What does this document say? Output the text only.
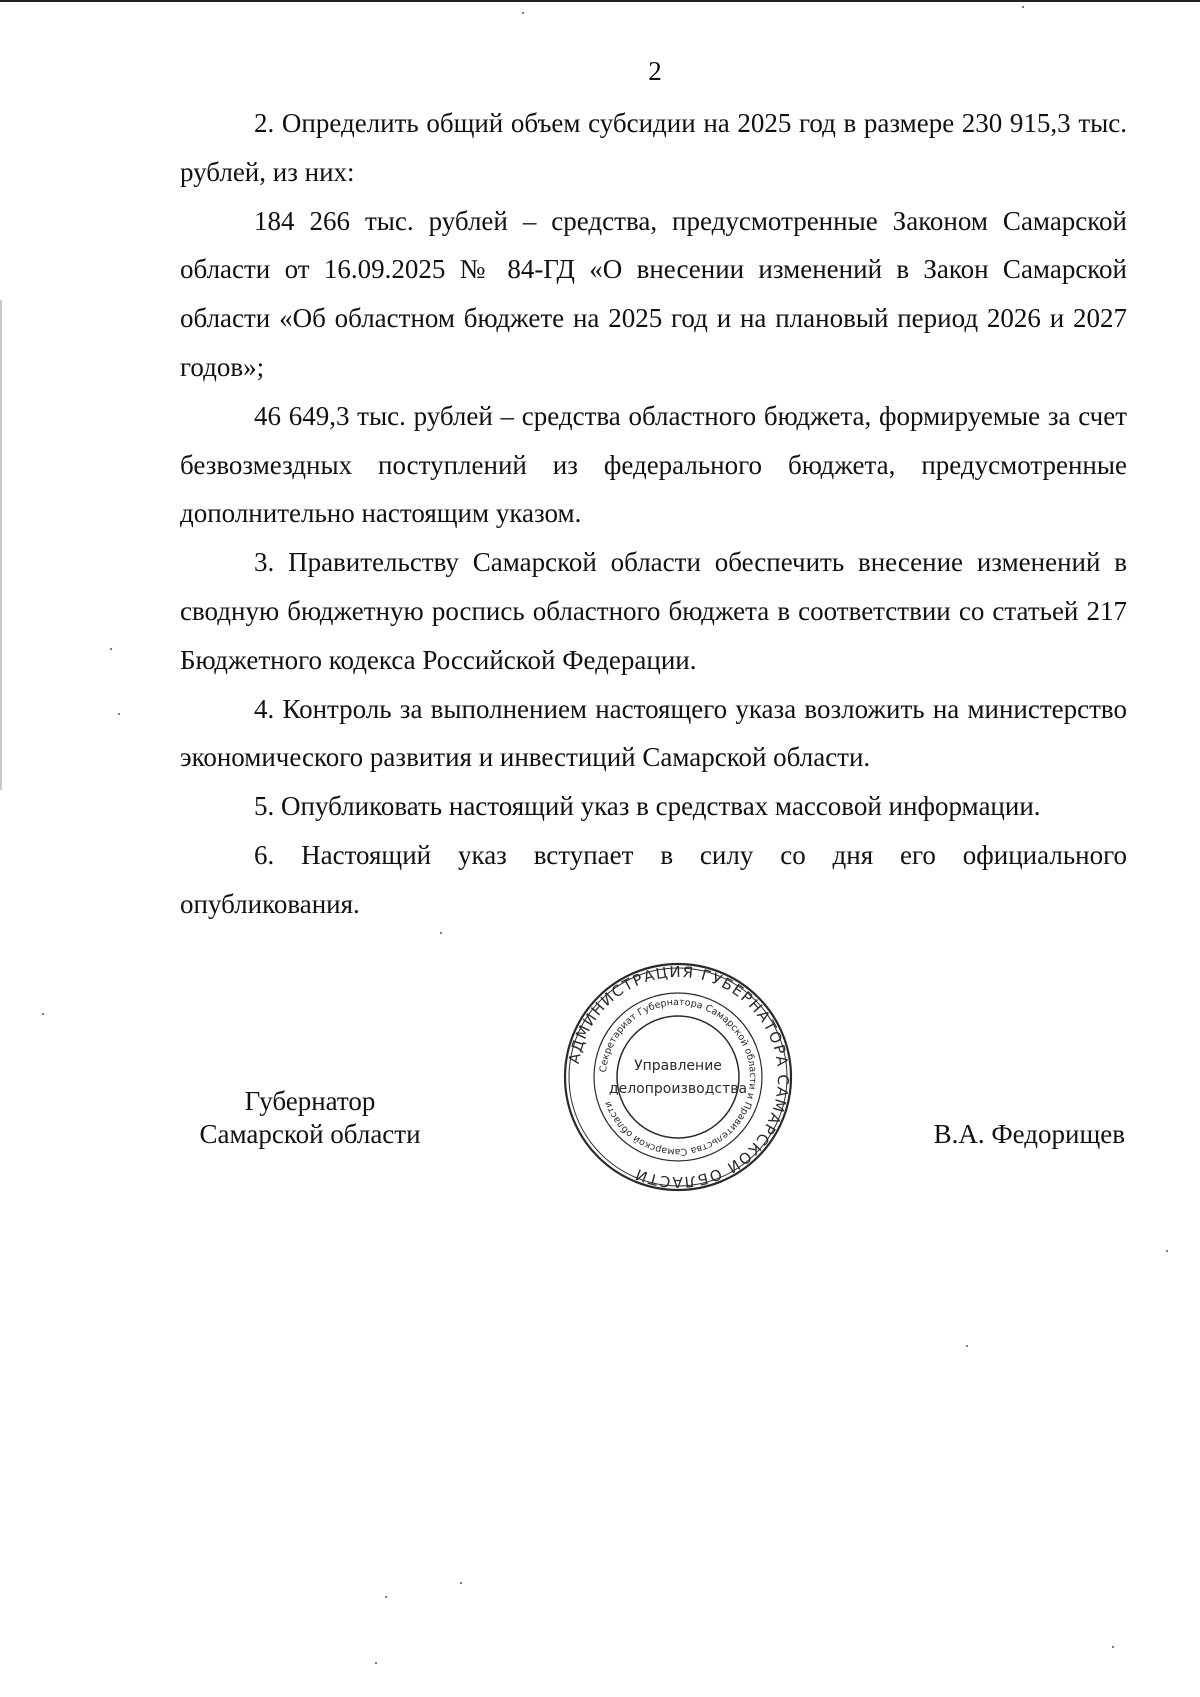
2

2. Определить общий объем субсидии на 2025 год в размере 230 915,3 тыс. рублей, из них:

184 266 тыс. рублей – средства, предусмотренные Законом Самарской области от 16.09.2025 № 84-ГД «О внесении изменений в Закон Самарской области «Об областном бюджете на 2025 год и на плановый период 2026 и 2027 годов»;

46 649,3 тыс. рублей – средства областного бюджета, формируемые за счет безвозмездных поступлений из федерального бюджета, предусмотренные дополнительно настоящим указом.

3. Правительству Самарской области обеспечить внесение изменений в сводную бюджетную роспись областного бюджета в соответствии со статьей 217 Бюджетного кодекса Российской Федерации.

4. Контроль за выполнением настоящего указа возложить на министерство экономического развития и инвестиций Самарской области.

5. Опубликовать настоящий указ в средствах массовой информации.

6. Настоящий указ вступает в силу со дня его официального опубликования.

Губернатор
Самарской области	В.А. Федорищев
АДМИНИСТРАЦИЯ ГУБЕРНАТОРА САМАРСКОЙ ОБЛАСТИ
Секретариат Губернатора Самарской области и Правительства Самарской области
Управление
делопроизводства
